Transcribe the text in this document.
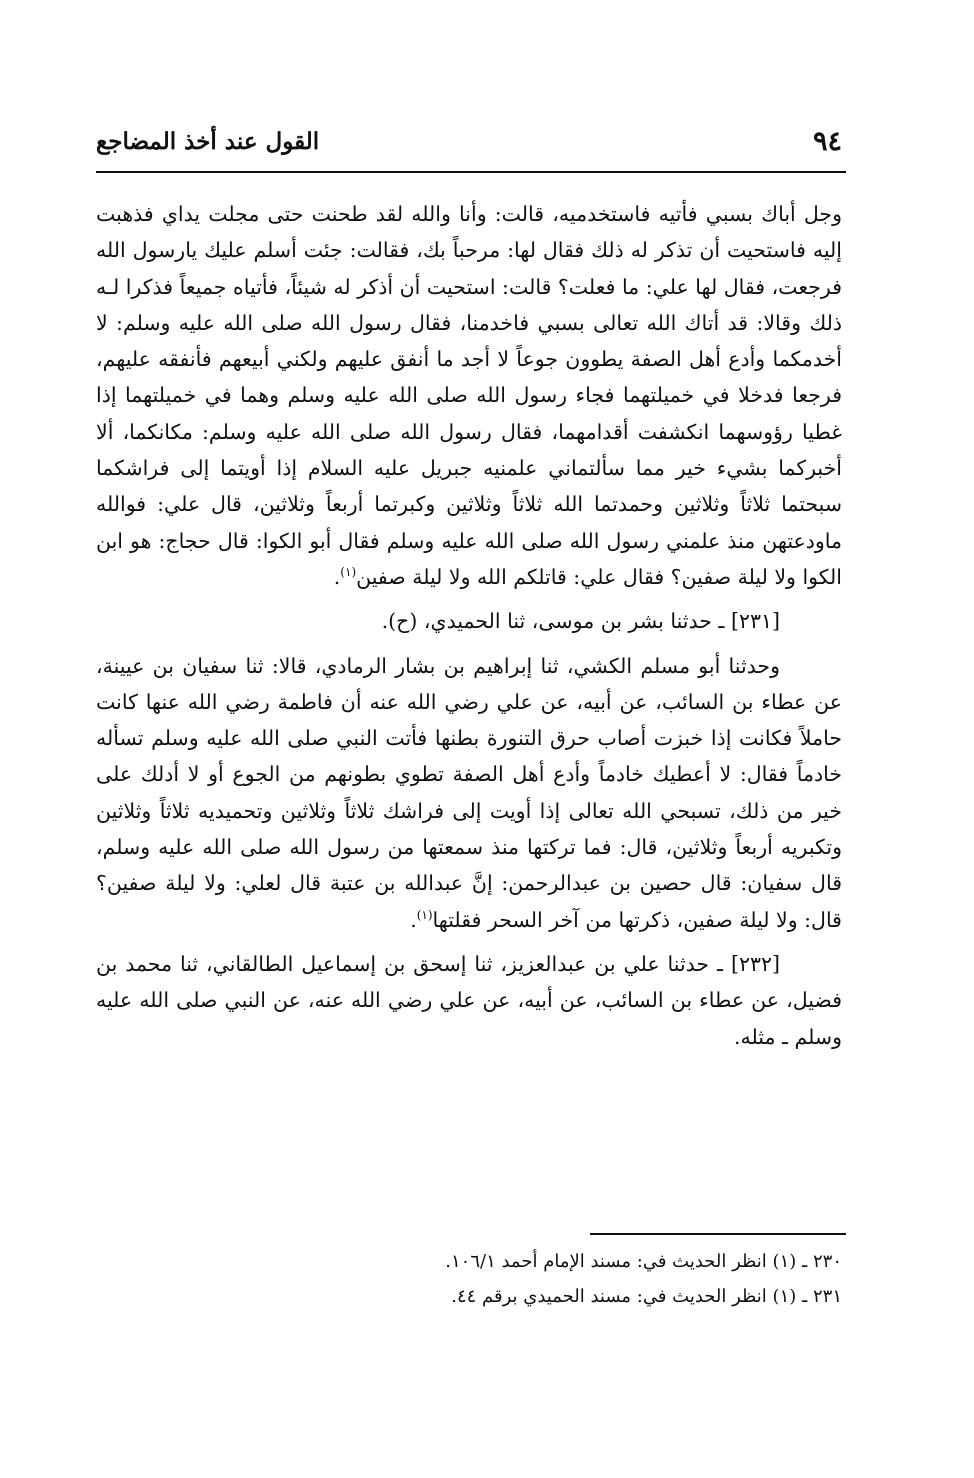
٩٤
القول عند أخذ المضاجع

وجل أباك بسبي فأتيه فاستخدميه، قالت: وأنا والله لقد طحنت حتى مجلت يداي فذهبت إليه فاستحيت أن تذكر له ذلك فقال لها: مرحباً بك، فقالت: جئت أسلم عليك يارسول الله فرجعت، فقال لها علي: ما فعلت؟ قالت: استحيت أن أذكر له شيئاً، فأتياه جميعاً فذكرا لـه ذلك وقالا: قد أتاك الله تعالى بسبي فاخدمنا، فقال رسول الله صلى الله عليه وسلم: لا أخدمكما وأدع أهل الصفة يطوون جوعاً لا أجد ما أنفق عليهم ولكني أبيعهم فأنفقه عليهم، فرجعا فدخلا في خميلتهما فجاء رسول الله صلى الله عليه وسلم وهما في خميلتهما إذا غطيا رؤوسهما انكشفت أقدامهما، فقال رسول الله صلى الله عليه وسلم: مكانكما، ألا أخبركما بشيء خير مما سألتماني علمنيه جبريل عليه السلام إذا أويتما إلى فراشكما سبحتما ثلاثاً وثلاثين وحمدتما الله ثلاثاً وثلاثين وكبرتما أربعاً وثلاثين، قال علي: فوالله ماودعتهن منذ علمني رسول الله صلى الله عليه وسلم فقال أبو الكوا: قال حجاج: هو ابن الكوا ولا ليلة صفين؟ فقال علي: قاتلكم الله ولا ليلة صفين$^{(١)}$.

[٢٣١] ـ حدثنا بشر بن موسى، ثنا الحميدي، (ح).

وحدثنا أبو مسلم الكشي، ثنا إبراهيم بن بشار الرمادي، قالا: ثنا سفيان بن عيينة، عن عطاء بن السائب، عن أبيه، عن علي رضي الله عنه أن فاطمة رضي الله عنها كانت حاملاً فكانت إذا خبزت أصاب حرق التنورة بطنها فأتت النبي صلى الله عليه وسلم تسأله خادماً فقال: لا أعطيك خادماً وأدع أهل الصفة تطوي بطونهم من الجوع أو لا أدلك على خير من ذلك، تسبحي الله تعالى إذا أويت إلى فراشك ثلاثاً وثلاثين وتحميديه ثلاثاً وثلاثين وتكبريه أربعاً وثلاثين، قال: فما تركتها منذ سمعتها من رسول الله صلى الله عليه وسلم، قال سفيان: قال حصين بن عبدالرحمن: إنَّ عبدالله بن عتبة قال لعلي: ولا ليلة صفين؟ قال: ولا ليلة صفين، ذكرتها من آخر السحر فقلتها$^{(١)}$.

[٢٣٢] ـ حدثنا علي بن عبدالعزيز، ثنا إسحق بن إسماعيل الطالقاني، ثنا محمد بن فضيل، عن عطاء بن السائب، عن أبيه، عن علي رضي الله عنه، عن النبي صلى الله عليه وسلم ـ مثله.

٢٣٠ ـ (١) انظر الحديث في: مسند الإمام أحمد ١٠٦/١.

٢٣١ ـ (١) انظر الحديث في: مسند الحميدي برقم ٤٤.
